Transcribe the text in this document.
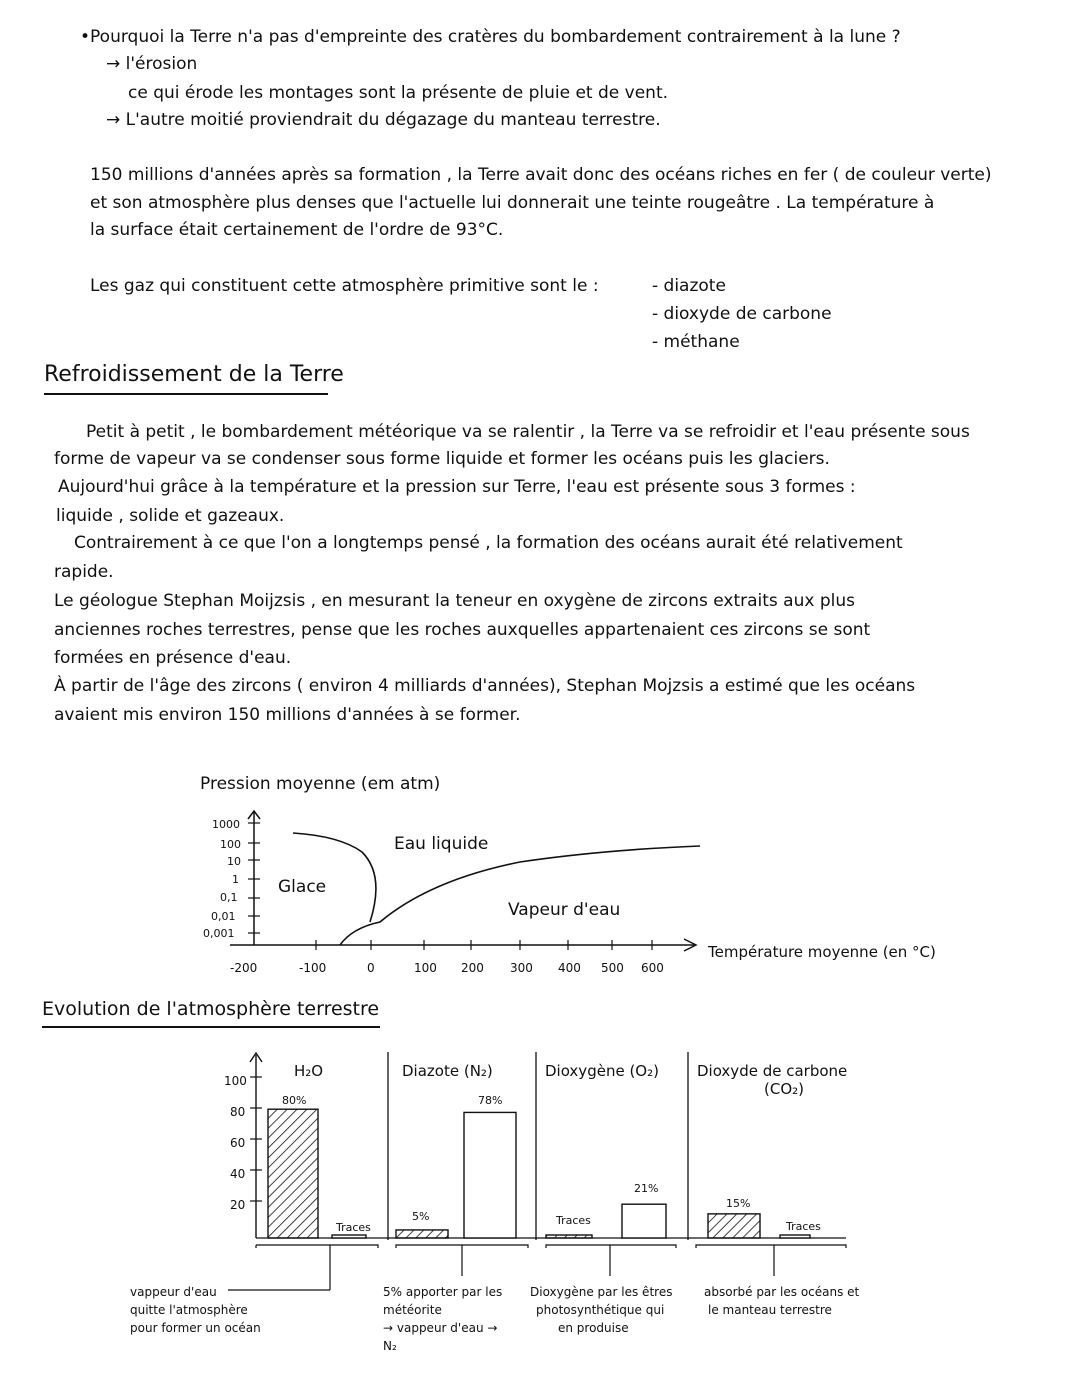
•Pourquoi la Terre n'a pas d'empreinte des cratères du bombardement contrairement à la lune ?
→ l'érosion
ce qui érode les montages sont la présente de pluie et de vent.
→ L'autre moitié proviendrait du dégazage du manteau terrestre.
150 millions d'années après sa formation , la Terre avait donc des océans riches en fer ( de couleur verte)
et son atmosphère plus denses que l'actuelle lui donnerait une teinte rougeâtre . La température à
la surface était certainement de l'ordre de 93°C.
Les gaz qui constituent cette atmosphère primitive sont le :	- diazote
- dioxyde de carbone
- méthane
Refroidissement de la Terre
Petit à petit , le bombardement météorique va se ralentir , la Terre va se refroidir et l'eau présente sous
forme de vapeur va se condenser sous forme liquide et former les océans puis les glaciers.
Aujourd'hui grâce à la température et la pression sur Terre, l'eau est présente sous 3 formes :
liquide , solide et gazeaux.
Contrairement à ce que l'on a longtemps pensé , la formation des océans aurait été relativement
rapide.
Le géologue Stephan Moijzsis , en mesurant la teneur en oxygène de zircons extraits aux plus
anciennes roches terrestres, pense que les roches auxquelles appartenaient ces zircons se sont
formées en présence d'eau.
À partir de l'âge des zircons ( environ 4 milliards d'années), Stephan Mojzsis a estimé que les océans
avaient mis environ 150 millions d'années à se former.
Pression moyenne (em atm)
1000
100
10
1
0,1
0,01
0,001
-200	-100	0	100 200 300 400 500 600
Glace
Eau liquide
Vapeur d'eau
Température moyenne (en °C)
Evolution de l'atmosphère terrestre
100
80
60
40
20
H₂O	Diazote (N₂)	Dioxygène (O₂)	Dioxyde de carbone
(CO₂)
80%
Traces
5%
78%
Traces
21%
15%
Traces
vappeur d'eau
quitte l'atmosphère
pour former un océan
5% apporter par les
météorite
→ vappeur d'eau →
N₂
Dioxygène par les êtres
photosynthétique qui
en produise
absorbé par les océans et
le manteau terrestre
